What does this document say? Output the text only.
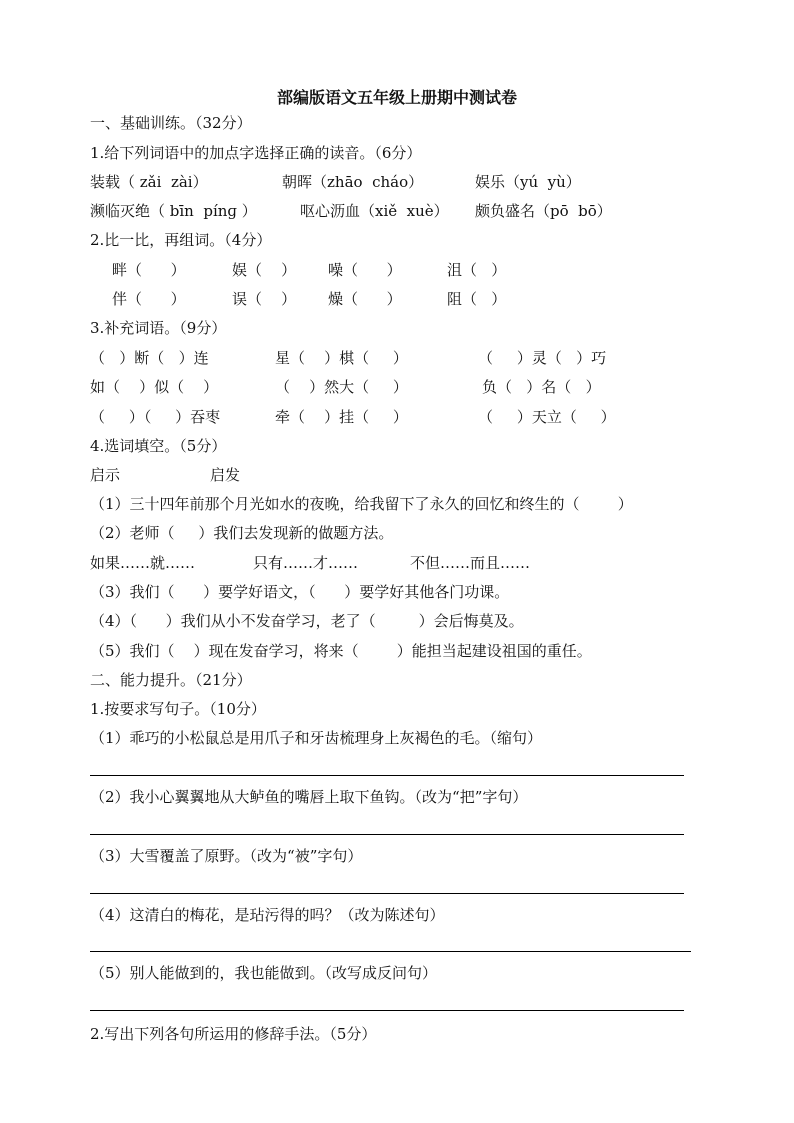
部编版语文五年级上册期中测试卷
一、基础训练。（32分）
1.给下列词语中的加点字选择正确的读音。（6分）
装载（ zǎi  zài）	朝晖（zhāo  cháo）	娱乐（yú  yù）
濒临灭绝（ bīn  pínɡ ）	呕心沥血（xiě  xuè） 颇负盛名（pō  bō）
2.比一比，再组词。（4分）
畔（      ）	娱（    ） 噪（      ）	沮（   ）
伴（      ）	误（    ） 燥（      ）	阻（   ）
3.补充词语。（9分）
（   ）断（   ）连	星（    ）棋（     ）	（     ）灵（   ）巧
如（    ）似（    ）	（    ）然大（     ）	负（   ）名（   ）
（     ）（     ）吞枣	牵（    ）挂（     ）	（     ）天立（     ）
4.选词填空。（5分）
启示	启发
（1）三十四年前那个月光如水的夜晚，给我留下了永久的回忆和终生的（        ）
（2）老师（     ）我们去发现新的做题方法。
如果……就……	只有……才……	不但……而且……
（3）我们（      ）要学好语文，（      ）要学好其他各门功课。
（4）（      ）我们从小不发奋学习，老了（         ）会后悔莫及。
（5）我们（    ）现在发奋学习，将来（        ）能担当起建设祖国的重任。
二、能力提升。（21分）
1.按要求写句子。（10分）
（1）乖巧的小松鼠总是用爪子和牙齿梳理身上灰褐色的毛。（缩句）
（2）我小心翼翼地从大鲈鱼的嘴唇上取下鱼钩。（改为“把”字句）
（3）大雪覆盖了原野。（改为“被”字句）
（4）这清白的梅花，是玷污得的吗？（改为陈述句）
（5）别人能做到的，我也能做到。（改写成反问句）
2.写出下列各句所运用的修辞手法。（5分）
